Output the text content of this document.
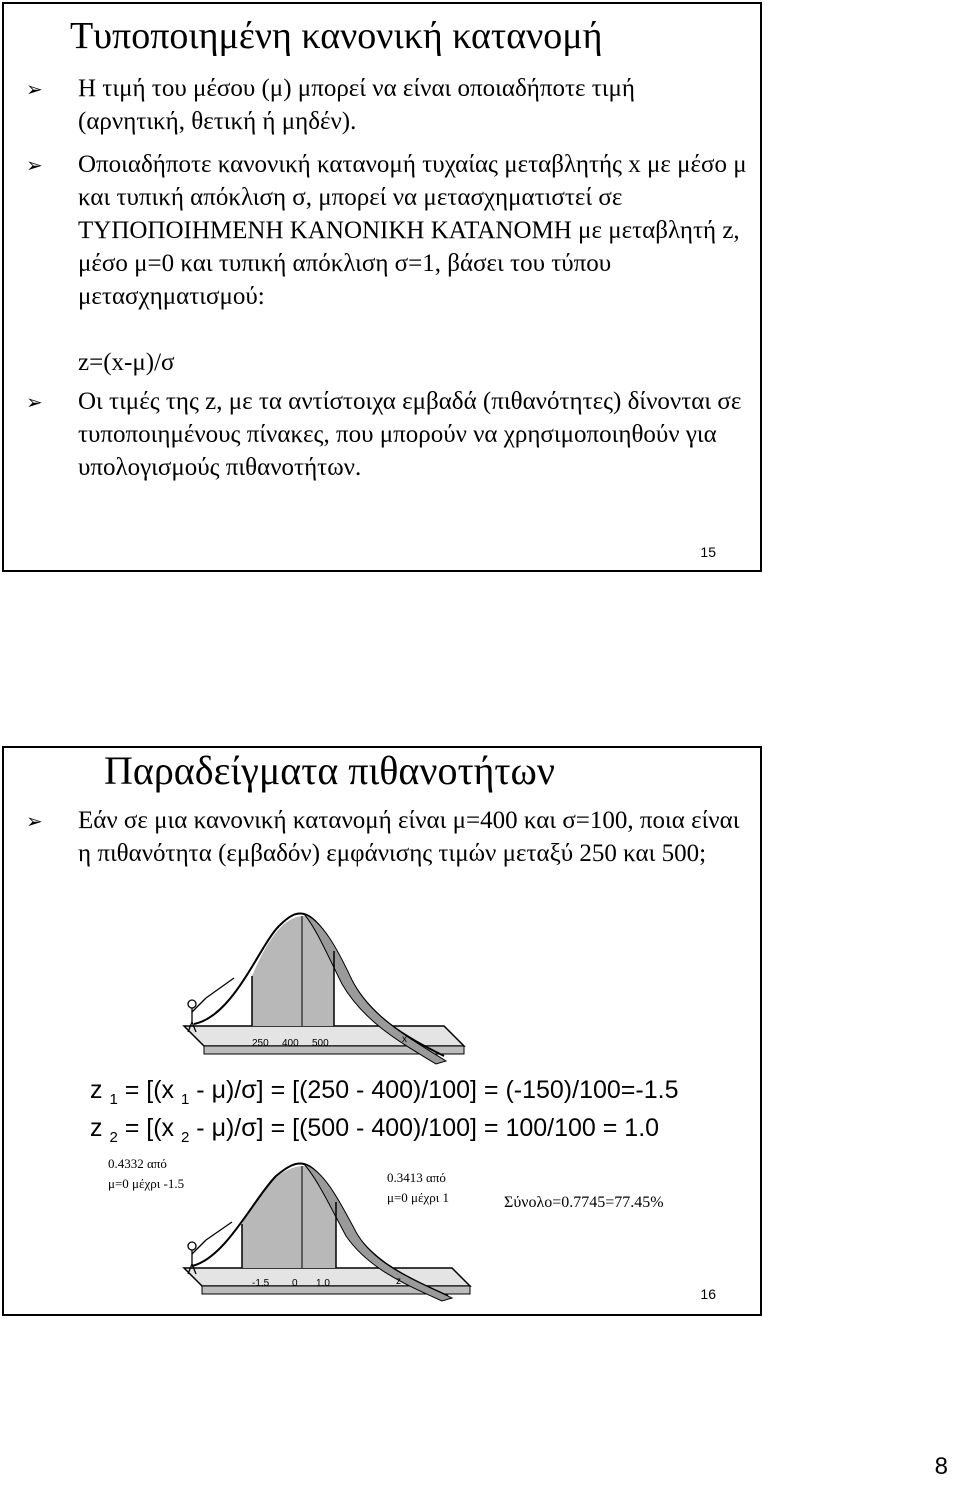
Τυποποιημένη κανονική κατανομή
➢ Η τιμή του μέσου (μ) μπορεί να είναι οποιαδήποτε τιμή (αρνητική, θετική ή μηδέν).
➢ Οποιαδήποτε κανονική κατανομή τυχαίας μεταβλητής x με μέσο μ και τυπική απόκλιση σ, μπορεί να μετασχηματιστεί σε ΤΥΠΟΠΟΙΗΜΕΝΗ ΚΑΝΟΝΙΚΗ ΚΑΤΑΝΟΜΗ με μεταβλητή z, μέσο μ=0 και τυπική απόκλιση σ=1, βάσει του τύπου μετασχηματισμού:
z=(x-μ)/σ
➢ Οι τιμές της z, με τα αντίστοιχα εμβαδά (πιθανότητες) δίνονται σε τυποποιημένους πίνακες, που μπορούν να χρησιμοποιηθούν για υπολογισμούς πιθανοτήτων.
15
Παραδείγματα πιθανοτήτων
➢ Εάν σε μια κανονική κατανομή είναι μ=400 και σ=100, ποια είναι η πιθανότητα (εμβαδόν) εμφάνισης τιμών μεταξύ 250 και 500;
250 400 500	x
z $_1$ = [(x $_1$ - μ)/σ] = [(250 - 400)/100] = (-150)/100=-1.5
z $_2$ = [(x $_2$ - μ)/σ] = [(500 - 400)/100] = 100/100 = 1.0
-1.5 0 1.0	z
0.4332 από
μ=0 μέχρι -1.5	0.3413 από
μ=0 μέχρι 1	Σύνολο=0.7745=77.45%
16
8
